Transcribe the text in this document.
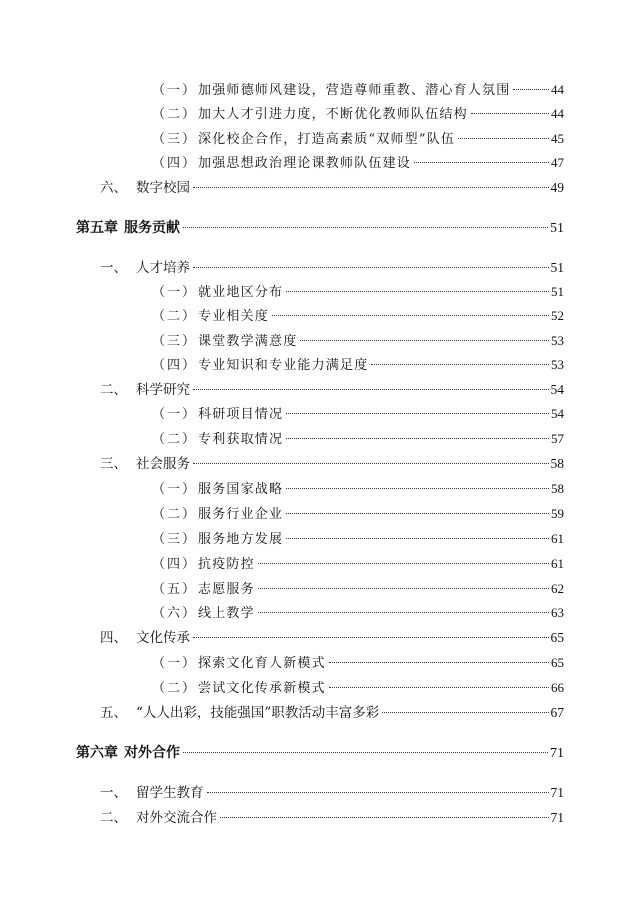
（一） 加强师德师风建设，营造尊师重教、潜心育人氛围	44
（二） 加大人才引进力度，不断优化教师队伍结构	44
（三） 深化校企合作，打造高素质“双师型”队伍	45
（四） 加强思想政治理论课教师队伍建设	47
六、 数字校园	49
第五章 服务贡献	51
一、 人才培养	51
（一） 就业地区分布	51
（二） 专业相关度	52
（三） 课堂教学满意度	53
（四） 专业知识和专业能力满足度	53
二、 科学研究	54
（一） 科研项目情况	54
（二） 专利获取情况	57
三、 社会服务	58
（一） 服务国家战略	58
（二） 服务行业企业	59
（三） 服务地方发展	61
（四） 抗疫防控	61
（五） 志愿服务	62
（六） 线上教学	63
四、 文化传承	65
（一） 探索文化育人新模式	65
（二） 尝试文化传承新模式	66
五、 “人人出彩，技能强国”职教活动丰富多彩	67
第六章 对外合作	71
一、 留学生教育	71
二、 对外交流合作	71
